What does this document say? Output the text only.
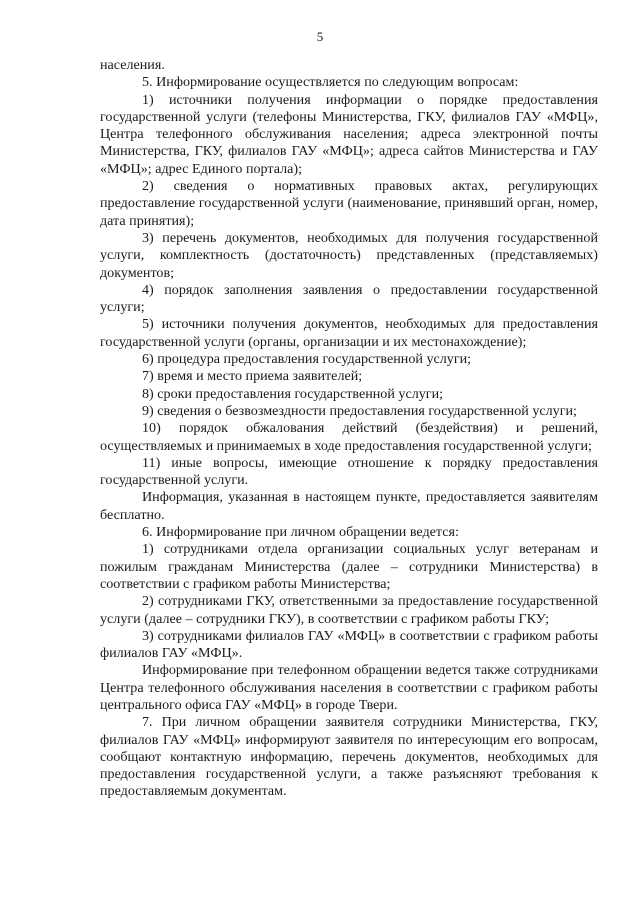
5

населения.

5. Информирование осуществляется по следующим вопросам:

1) источники получения информации о порядке предоставления государственной услуги (телефоны Министерства, ГКУ, филиалов ГАУ «МФЦ», Центра телефонного обслуживания населения; адреса электронной почты Министерства, ГКУ, филиалов ГАУ «МФЦ»; адреса сайтов Министерства и ГАУ «МФЦ»; адрес Единого портала);

2) сведения о нормативных правовых актах, регулирующих предоставление государственной услуги (наименование, принявший орган, номер, дата принятия);

3) перечень документов, необходимых для получения государственной услуги, комплектность (достаточность) представленных (представляемых) документов;

4) порядок заполнения заявления о предоставлении государственной услуги;

5) источники получения документов, необходимых для предоставления государственной услуги (органы, организации и их местонахождение);

6) процедура предоставления государственной услуги;

7) время и место приема заявителей;

8) сроки предоставления государственной услуги;

9) сведения о безвозмездности предоставления государственной услуги;

10) порядок обжалования действий (бездействия) и решений, осуществляемых и принимаемых в ходе предоставления государственной услуги;

11) иные вопросы, имеющие отношение к порядку предоставления государственной услуги.

Информация, указанная в настоящем пункте, предоставляется заявителям бесплатно.

6. Информирование при личном обращении ведется:

1) сотрудниками отдела организации социальных услуг ветеранам и пожилым гражданам Министерства (далее – сотрудники Министерства) в соответствии с графиком работы Министерства;

2) сотрудниками ГКУ, ответственными за предоставление государственной услуги (далее – сотрудники ГКУ), в соответствии с графиком работы ГКУ;

3) сотрудниками филиалов ГАУ «МФЦ» в соответствии с графиком работы филиалов ГАУ «МФЦ».

Информирование при телефонном обращении ведется также сотрудниками Центра телефонного обслуживания населения в соответствии с графиком работы центрального офиса ГАУ «МФЦ» в городе Твери.

7. При личном обращении заявителя сотрудники Министерства, ГКУ, филиалов ГАУ «МФЦ» информируют заявителя по интересующим его вопросам, сообщают контактную информацию, перечень документов, необходимых для предоставления государственной услуги, а также разъясняют требования к предоставляемым документам.
